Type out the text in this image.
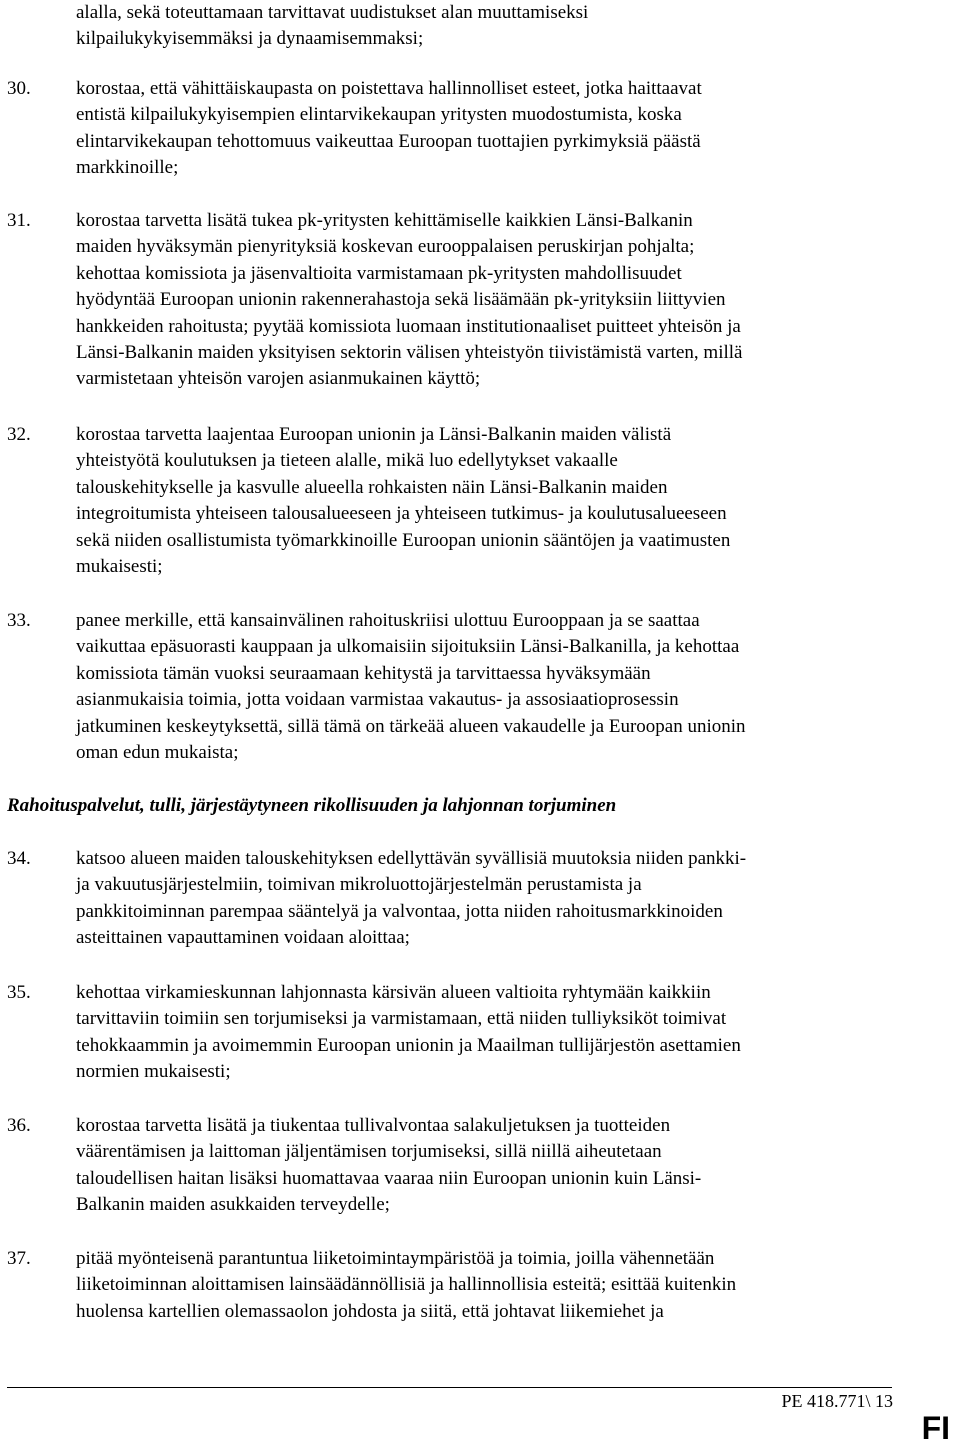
alalla, sekä toteuttamaan tarvittavat uudistukset alan muuttamiseksi
kilpailukykyisemmäksi ja dynaamisemmaksi;
30.	korostaa, että vähittäiskaupasta on poistettava hallinnolliset esteet, jotka haittaavat
entistä kilpailukykyisempien elintarvikekaupan yritysten muodostumista, koska
elintarvikekaupan tehottomuus vaikeuttaa Euroopan tuottajien pyrkimyksiä päästä
markkinoille;
31.	korostaa tarvetta lisätä tukea pk-yritysten kehittämiselle kaikkien Länsi-Balkanin
maiden hyväksymän pienyrityksiä koskevan eurooppalaisen peruskirjan pohjalta;
kehottaa komissiota ja jäsenvaltioita varmistamaan pk-yritysten mahdollisuudet
hyödyntää Euroopan unionin rakennerahastoja sekä lisäämään pk-yrityksiin liittyvien
hankkeiden rahoitusta; pyytää komissiota luomaan institutionaaliset puitteet yhteisön ja
Länsi-Balkanin maiden yksityisen sektorin välisen yhteistyön tiivistämistä varten, millä
varmistetaan yhteisön varojen asianmukainen käyttö;
32.	korostaa tarvetta laajentaa Euroopan unionin ja Länsi-Balkanin maiden välistä
yhteistyötä koulutuksen ja tieteen alalle, mikä luo edellytykset vakaalle
talouskehitykselle ja kasvulle alueella rohkaisten näin Länsi-Balkanin maiden
integroitumista yhteiseen talousalueeseen ja yhteiseen tutkimus- ja koulutusalueeseen
sekä niiden osallistumista työmarkkinoille Euroopan unionin sääntöjen ja vaatimusten
mukaisesti;
33.	panee merkille, että kansainvälinen rahoituskriisi ulottuu Eurooppaan ja se saattaa
vaikuttaa epäsuorasti kauppaan ja ulkomaisiin sijoituksiin Länsi-Balkanilla, ja kehottaa
komissiota tämän vuoksi seuraamaan kehitystä ja tarvittaessa hyväksymään
asianmukaisia toimia, jotta voidaan varmistaa vakautus- ja assosiaatioprosessin
jatkuminen keskeytyksettä, sillä tämä on tärkeää alueen vakaudelle ja Euroopan unionin
oman edun mukaista;
Rahoituspalvelut, tulli, järjestäytyneen rikollisuuden ja lahjonnan torjuminen
34.	katsoo alueen maiden talouskehityksen edellyttävän syvällisiä muutoksia niiden pankki-
ja vakuutusjärjestelmiin, toimivan mikroluottojärjestelmän perustamista ja
pankkitoiminnan parempaa sääntelyä ja valvontaa, jotta niiden rahoitusmarkkinoiden
asteittainen vapauttaminen voidaan aloittaa;
35.	kehottaa virkamieskunnan lahjonnasta kärsivän alueen valtioita ryhtymään kaikkiin
tarvittaviin toimiin sen torjumiseksi ja varmistamaan, että niiden tulliyksiköt toimivat
tehokkaammin ja avoimemmin Euroopan unionin ja Maailman tullijärjestön asettamien
normien mukaisesti;
36.	korostaa tarvetta lisätä ja tiukentaa tullivalvontaa salakuljetuksen ja tuotteiden
väärentämisen ja laittoman jäljentämisen torjumiseksi, sillä niillä aiheutetaan
taloudellisen haitan lisäksi huomattavaa vaaraa niin Euroopan unionin kuin Länsi-
Balkanin maiden asukkaiden terveydelle;
37.	pitää myönteisenä parantuntua liiketoimintaympäristöä ja toimia, joilla vähennetään
liiketoiminnan aloittamisen lainsäädännöllisiä ja hallinnollisia esteitä; esittää kuitenkin
huolensa kartellien olemassaolon johdosta ja siitä, että johtavat liikemiehet ja
PE 418.771\ 13
FI
